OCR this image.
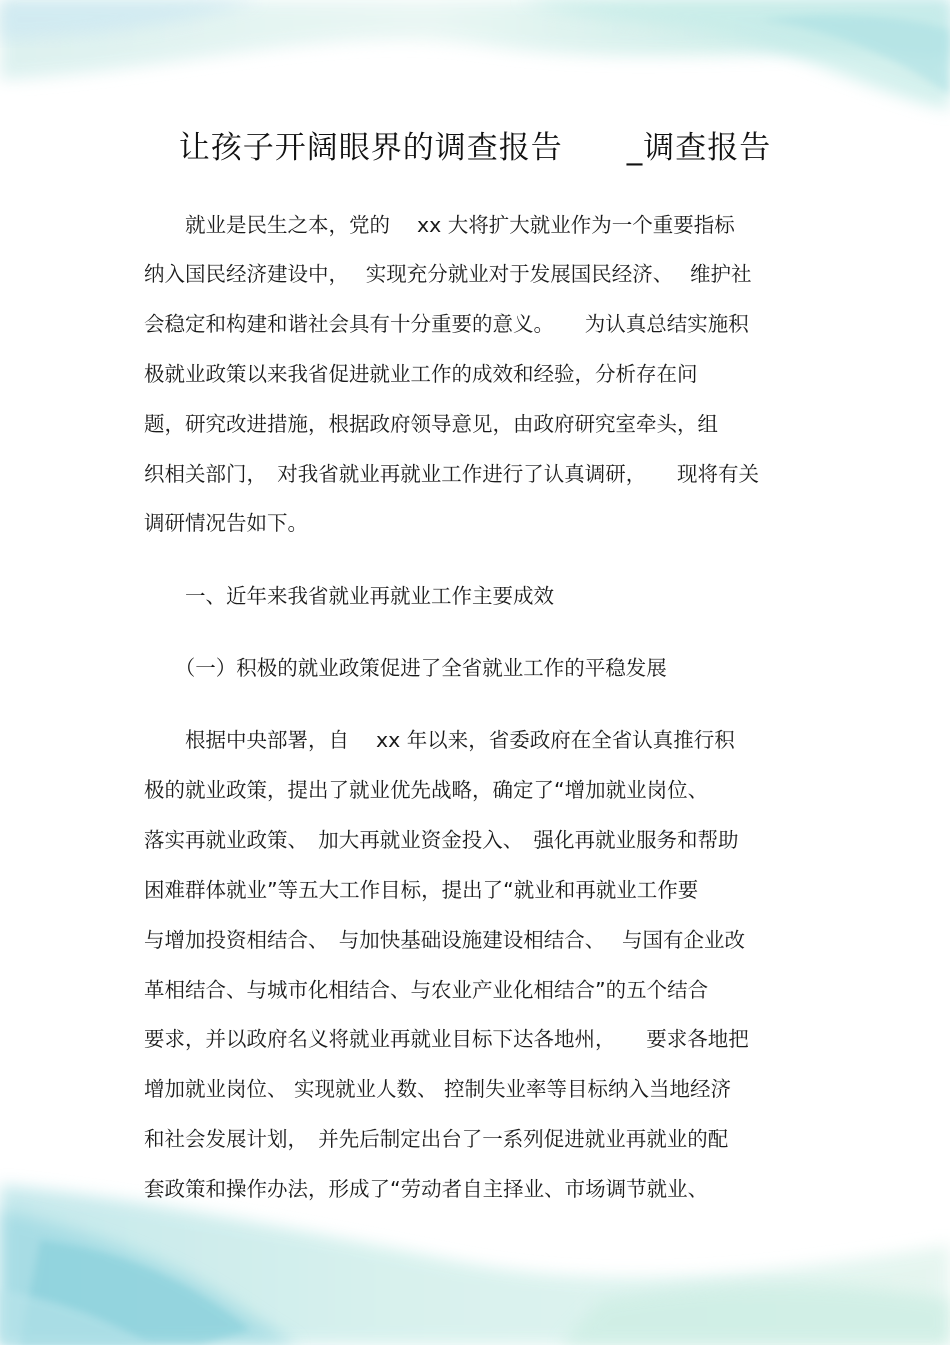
让孩子开阔眼界的调查报告　　_调查报告
　　就业是民生之本，党的　 xx 大将扩大就业作为一个重要指标
纳入国民经济建设中，　 实现充分就业对于发展国民经济、　 维护社
会稳定和构建和谐社会具有十分重要的意义。　　为认真总结实施积
极就业政策以来我省促进就业工作的成效和经验，分析存在问
题，研究改进措施，根据政府领导意见，由政府研究室牵头，组
织相关部门，　对我省就业再就业工作进行了认真调研，　　现将有关
调研情况告如下。
　　一、近年来我省就业再就业工作主要成效
　　（一）积极的就业政策促进了全省就业工作的平稳发展
　　根据中央部署，自　 xx 年以来，省委政府在全省认真推行积
极的就业政策，提出了就业优先战略，确定了“增加就业岗位、
落实再就业政策、　加大再就业资金投入、　强化再就业服务和帮助
困难群体就业”等五大工作目标，提出了“就业和再就业工作要
与增加投资相结合、　与加快基础设施建设相结合、　 与国有企业改
革相结合、与城市化相结合、与农业产业化相结合”的五个结合
要求，并以政府名义将就业再就业目标下达各地州，　　要求各地把
增加就业岗位、 实现就业人数、 控制失业率等目标纳入当地经济
和社会发展计划，　并先后制定出台了一系列促进就业再就业的配
套政策和操作办法，形成了“劳动者自主择业、市场调节就业、
